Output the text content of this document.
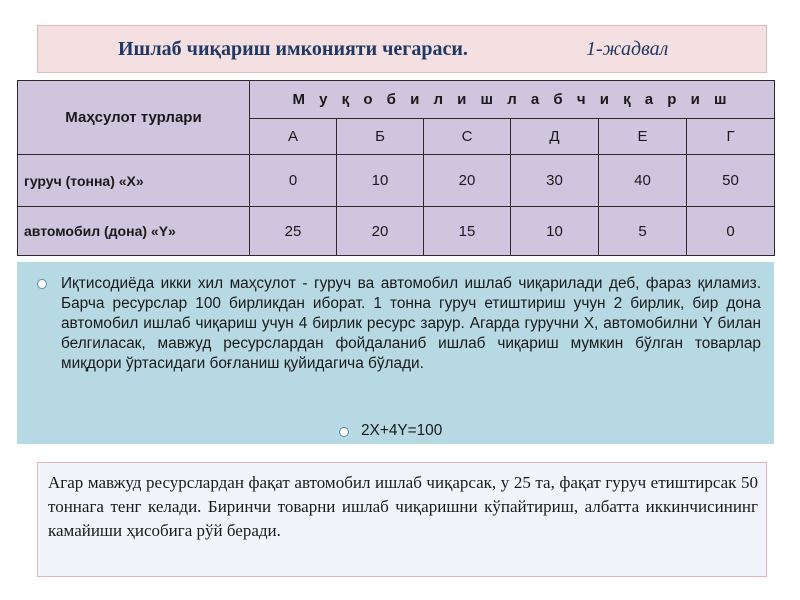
Ишлаб чиқариш имконияти чегараси.	1-жадвал
Маҳсулот турлари	М у қ о б и л и ш л а б ч и қ а р и ш					
	А	Б	С	Д	Е	Г
гуруч (тонна) «Х»	0	10	20	30	40	50
автомобил (дона) «Y»	25	20	15	10	5	0
Иқтисодиёда икки хил маҳсулот - гуруч ва автомобил ишлаб чиқарилади деб, фараз қиламиз. Барча ресурслар 100 бирликдан иборат. 1 тонна гуруч етиштириш учун 2 бирлик, бир дона автомобил ишлаб чиқариш учун 4 бирлик ресурс зарур. Агарда гуручни Х, автомобилни Y билан белгиласак, мавжуд ресурслардан фойдаланиб ишлаб чиқариш мумкин бўлган товарлар миқдори ўртасидаги боғланиш қуйидагича бўлади.
2Х+4Y=100
Агар мавжуд ресурслардан фақат автомобил ишлаб чиқарсак, у 25 та, фақат гуруч етиштирсак 50 тоннага тенг келади. Биринчи товарни ишлаб чиқаришни кўпайтириш, албатта иккинчисининг камайиши ҳисобига рўй беради.
